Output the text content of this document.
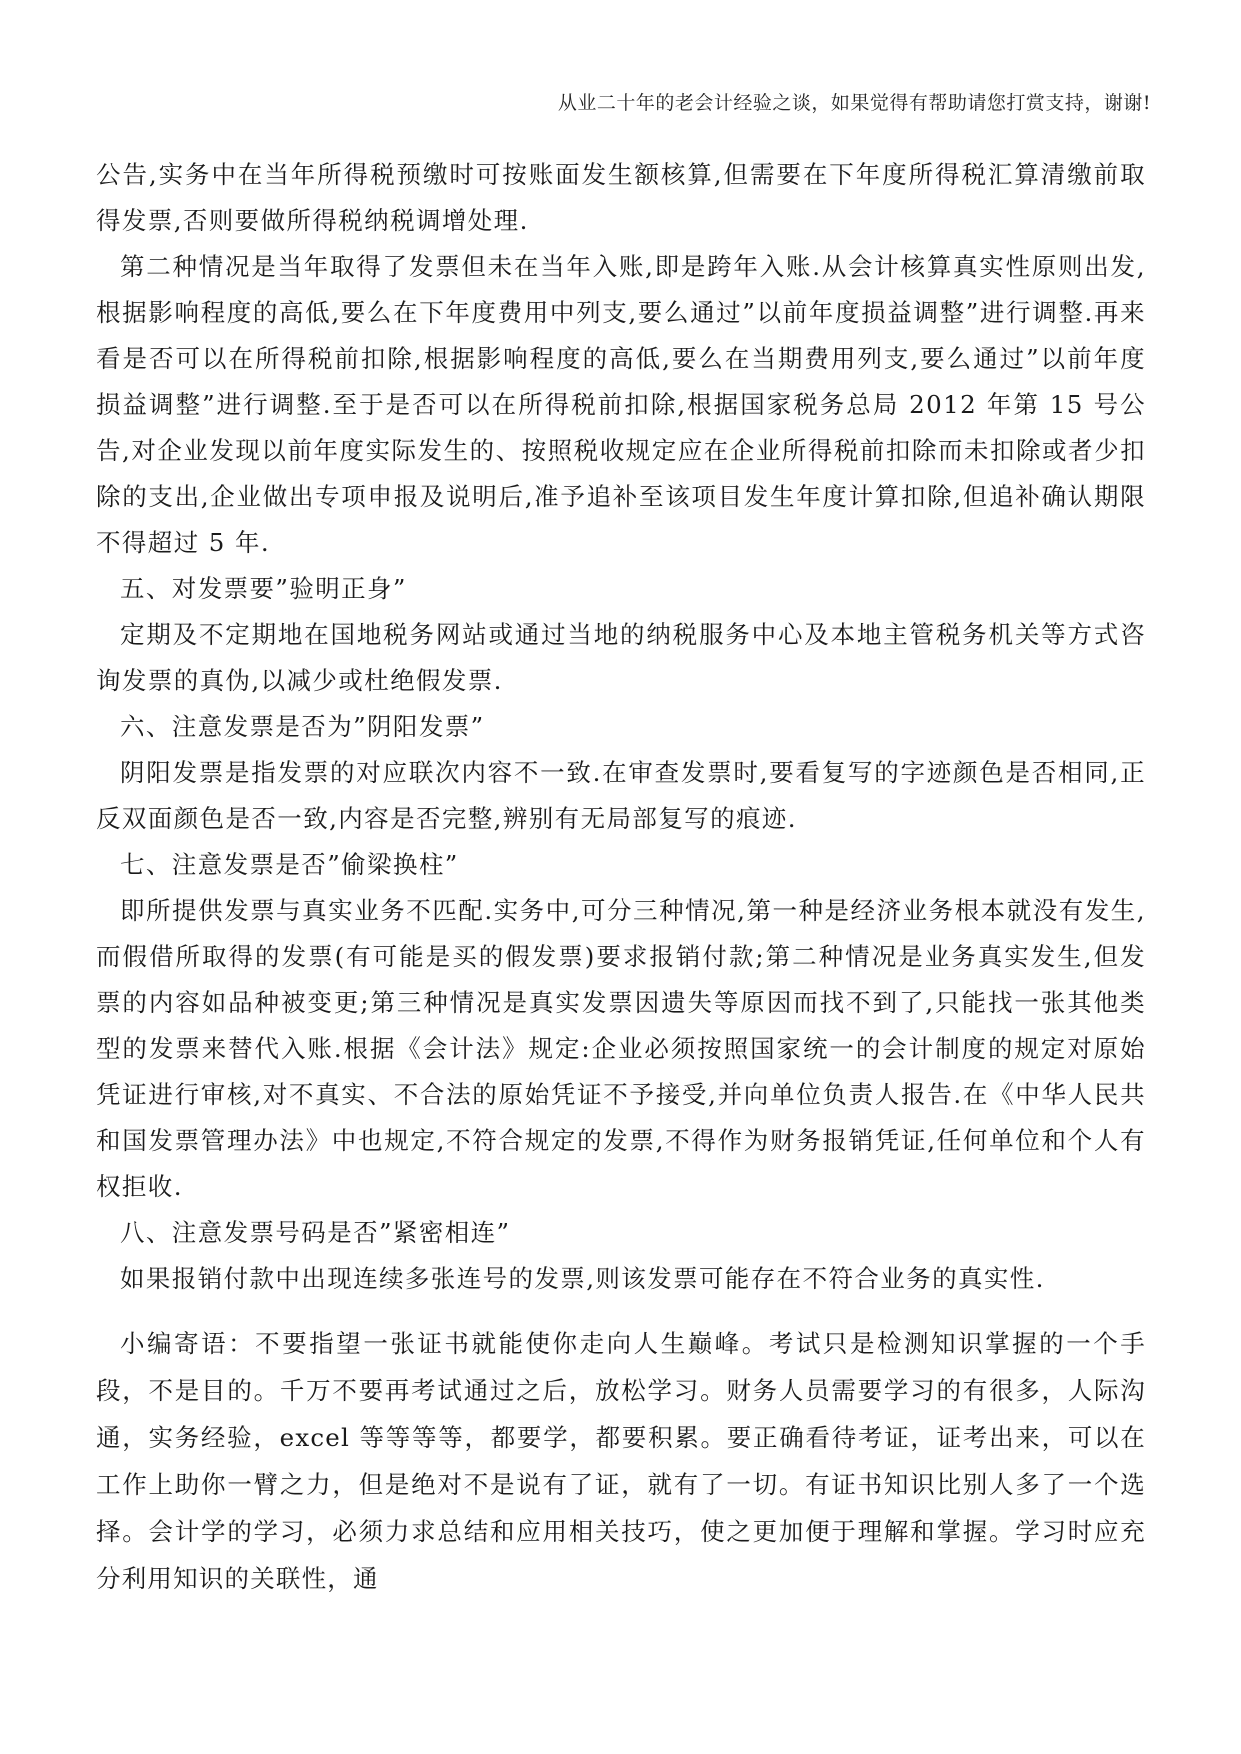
从业二十年的老会计经验之谈，如果觉得有帮助请您打赏支持，谢谢!

公告,实务中在当年所得税预缴时可按账面发生额核算,但需要在下年度所得税汇算清缴前取得发票,否则要做所得税纳税调增处理.

第二种情况是当年取得了发票但未在当年入账,即是跨年入账.从会计核算真实性原则出发,根据影响程度的高低,要么在下年度费用中列支,要么通过”以前年度损益调整”进行调整.再来看是否可以在所得税前扣除,根据影响程度的高低,要么在当期费用列支,要么通过”以前年度损益调整”进行调整.至于是否可以在所得税前扣除,根据国家税务总局 2012 年第 15 号公告,对企业发现以前年度实际发生的、按照税收规定应在企业所得税前扣除而未扣除或者少扣除的支出,企业做出专项申报及说明后,准予追补至该项目发生年度计算扣除,但追补确认期限不得超过 5 年.

五、对发票要”验明正身”

定期及不定期地在国地税务网站或通过当地的纳税服务中心及本地主管税务机关等方式咨询发票的真伪,以减少或杜绝假发票.

六、注意发票是否为”阴阳发票”

阴阳发票是指发票的对应联次内容不一致.在审查发票时,要看复写的字迹颜色是否相同,正反双面颜色是否一致,内容是否完整,辨别有无局部复写的痕迹.

七、注意发票是否”偷梁换柱”

即所提供发票与真实业务不匹配.实务中,可分三种情况,第一种是经济业务根本就没有发生,而假借所取得的发票(有可能是买的假发票)要求报销付款;第二种情况是业务真实发生,但发票的内容如品种被变更;第三种情况是真实发票因遗失等原因而找不到了,只能找一张其他类型的发票来替代入账.根据《会计法》规定:企业必须按照国家统一的会计制度的规定对原始凭证进行审核,对不真实、不合法的原始凭证不予接受,并向单位负责人报告.在《中华人民共和国发票管理办法》中也规定,不符合规定的发票,不得作为财务报销凭证,任何单位和个人有权拒收.

八、注意发票号码是否”紧密相连”

如果报销付款中出现连续多张连号的发票,则该发票可能存在不符合业务的真实性.

小编寄语：不要指望一张证书就能使你走向人生巅峰。考试只是检测知识掌握的一个手段，不是目的。千万不要再考试通过之后，放松学习。财务人员需要学习的有很多，人际沟通，实务经验，excel 等等等等，都要学，都要积累。要正确看待考证，证考出来，可以在工作上助你一臂之力，但是绝对不是说有了证，就有了一切。有证书知识比别人多了一个选择。会计学的学习，必须力求总结和应用相关技巧，使之更加便于理解和掌握。学习时应充分利用知识的关联性，通
